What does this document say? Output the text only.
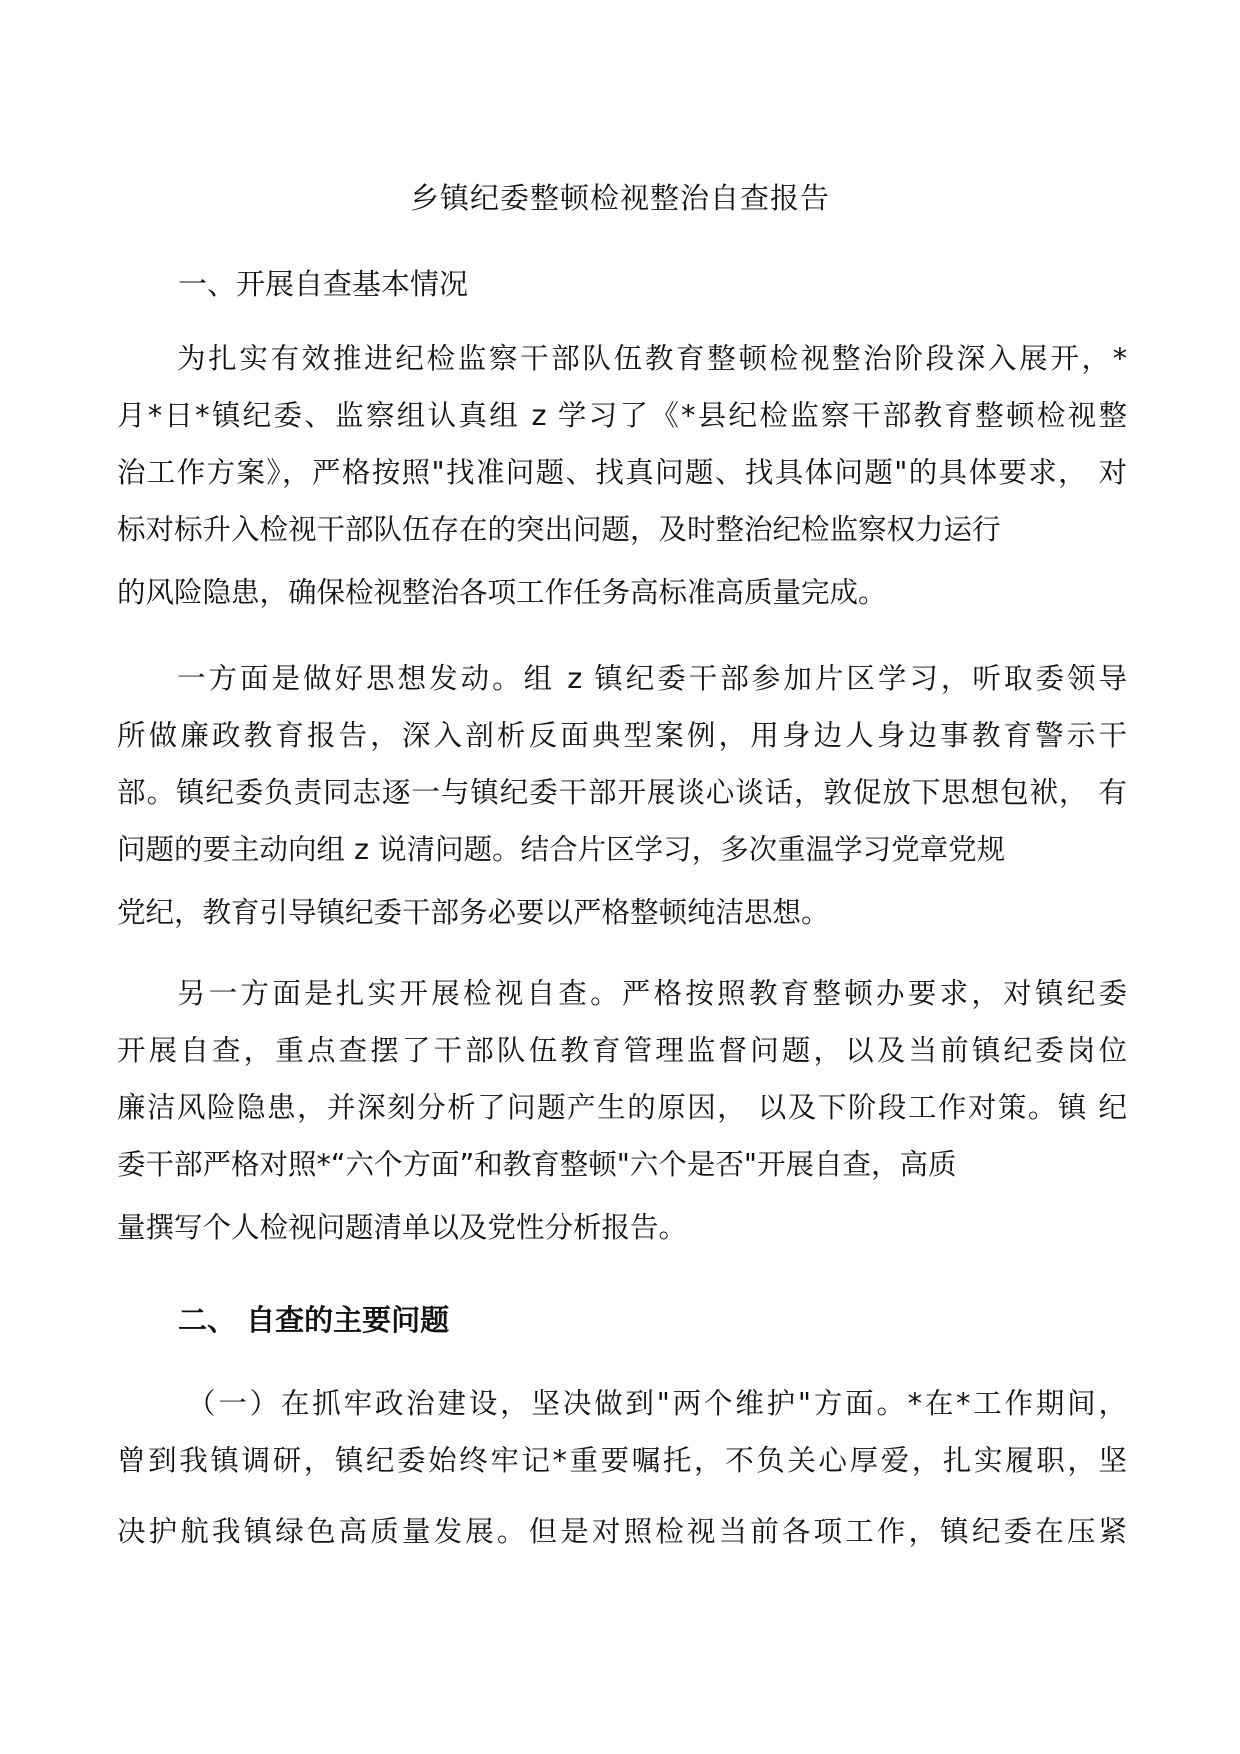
乡镇纪委整顿检视整治自查报告
一、开展自查基本情况
为扎实有效推进纪检监察干部队伍教育整顿检视整治阶段深入展开，*
月*日*镇纪委、监察组认真组 z 学习了《*县纪检监察干部教育整顿检视整
治工作方案》，严格按照"找准问题、找真问题、找具体问题"的具体要求， 对
标对标升入检视干部队伍存在的突出问题，及时整治纪检监察权力运行
的风险隐患，确保检视整治各项工作任务高标准高质量完成。
一方面是做好思想发动。组 z 镇纪委干部参加片区学习，听取委领导
所做廉政教育报告，深入剖析反面典型案例，用身边人身边事教育警示干
部。镇纪委负责同志逐一与镇纪委干部开展谈心谈话，敦促放下思想包袱， 有
问题的要主动向组 z 说清问题。结合片区学习，多次重温学习党章党规
党纪，教育引导镇纪委干部务必要以严格整顿纯洁思想。
另一方面是扎实开展检视自查。严格按照教育整顿办要求，对镇纪委
开展自查，重点查摆了干部队伍教育管理监督问题，以及当前镇纪委岗位
廉洁风险隐患，并深刻分析了问题产生的原因， 以及下阶段工作对策。镇 纪
委干部严格对照*“六个方面”和教育整顿"六个是否"开展自查，高质
量撰写个人检视问题清单以及党性分析报告。
二、 自查的主要问题
（一）在抓牢政治建设，坚决做到"两个维护"方面。*在*工作期间，
曾到我镇调研，镇纪委始终牢记*重要嘱托，不负关心厚爱，扎实履职，坚
决护航我镇绿色高质量发展。但是对照检视当前各项工作，镇纪委在压紧
